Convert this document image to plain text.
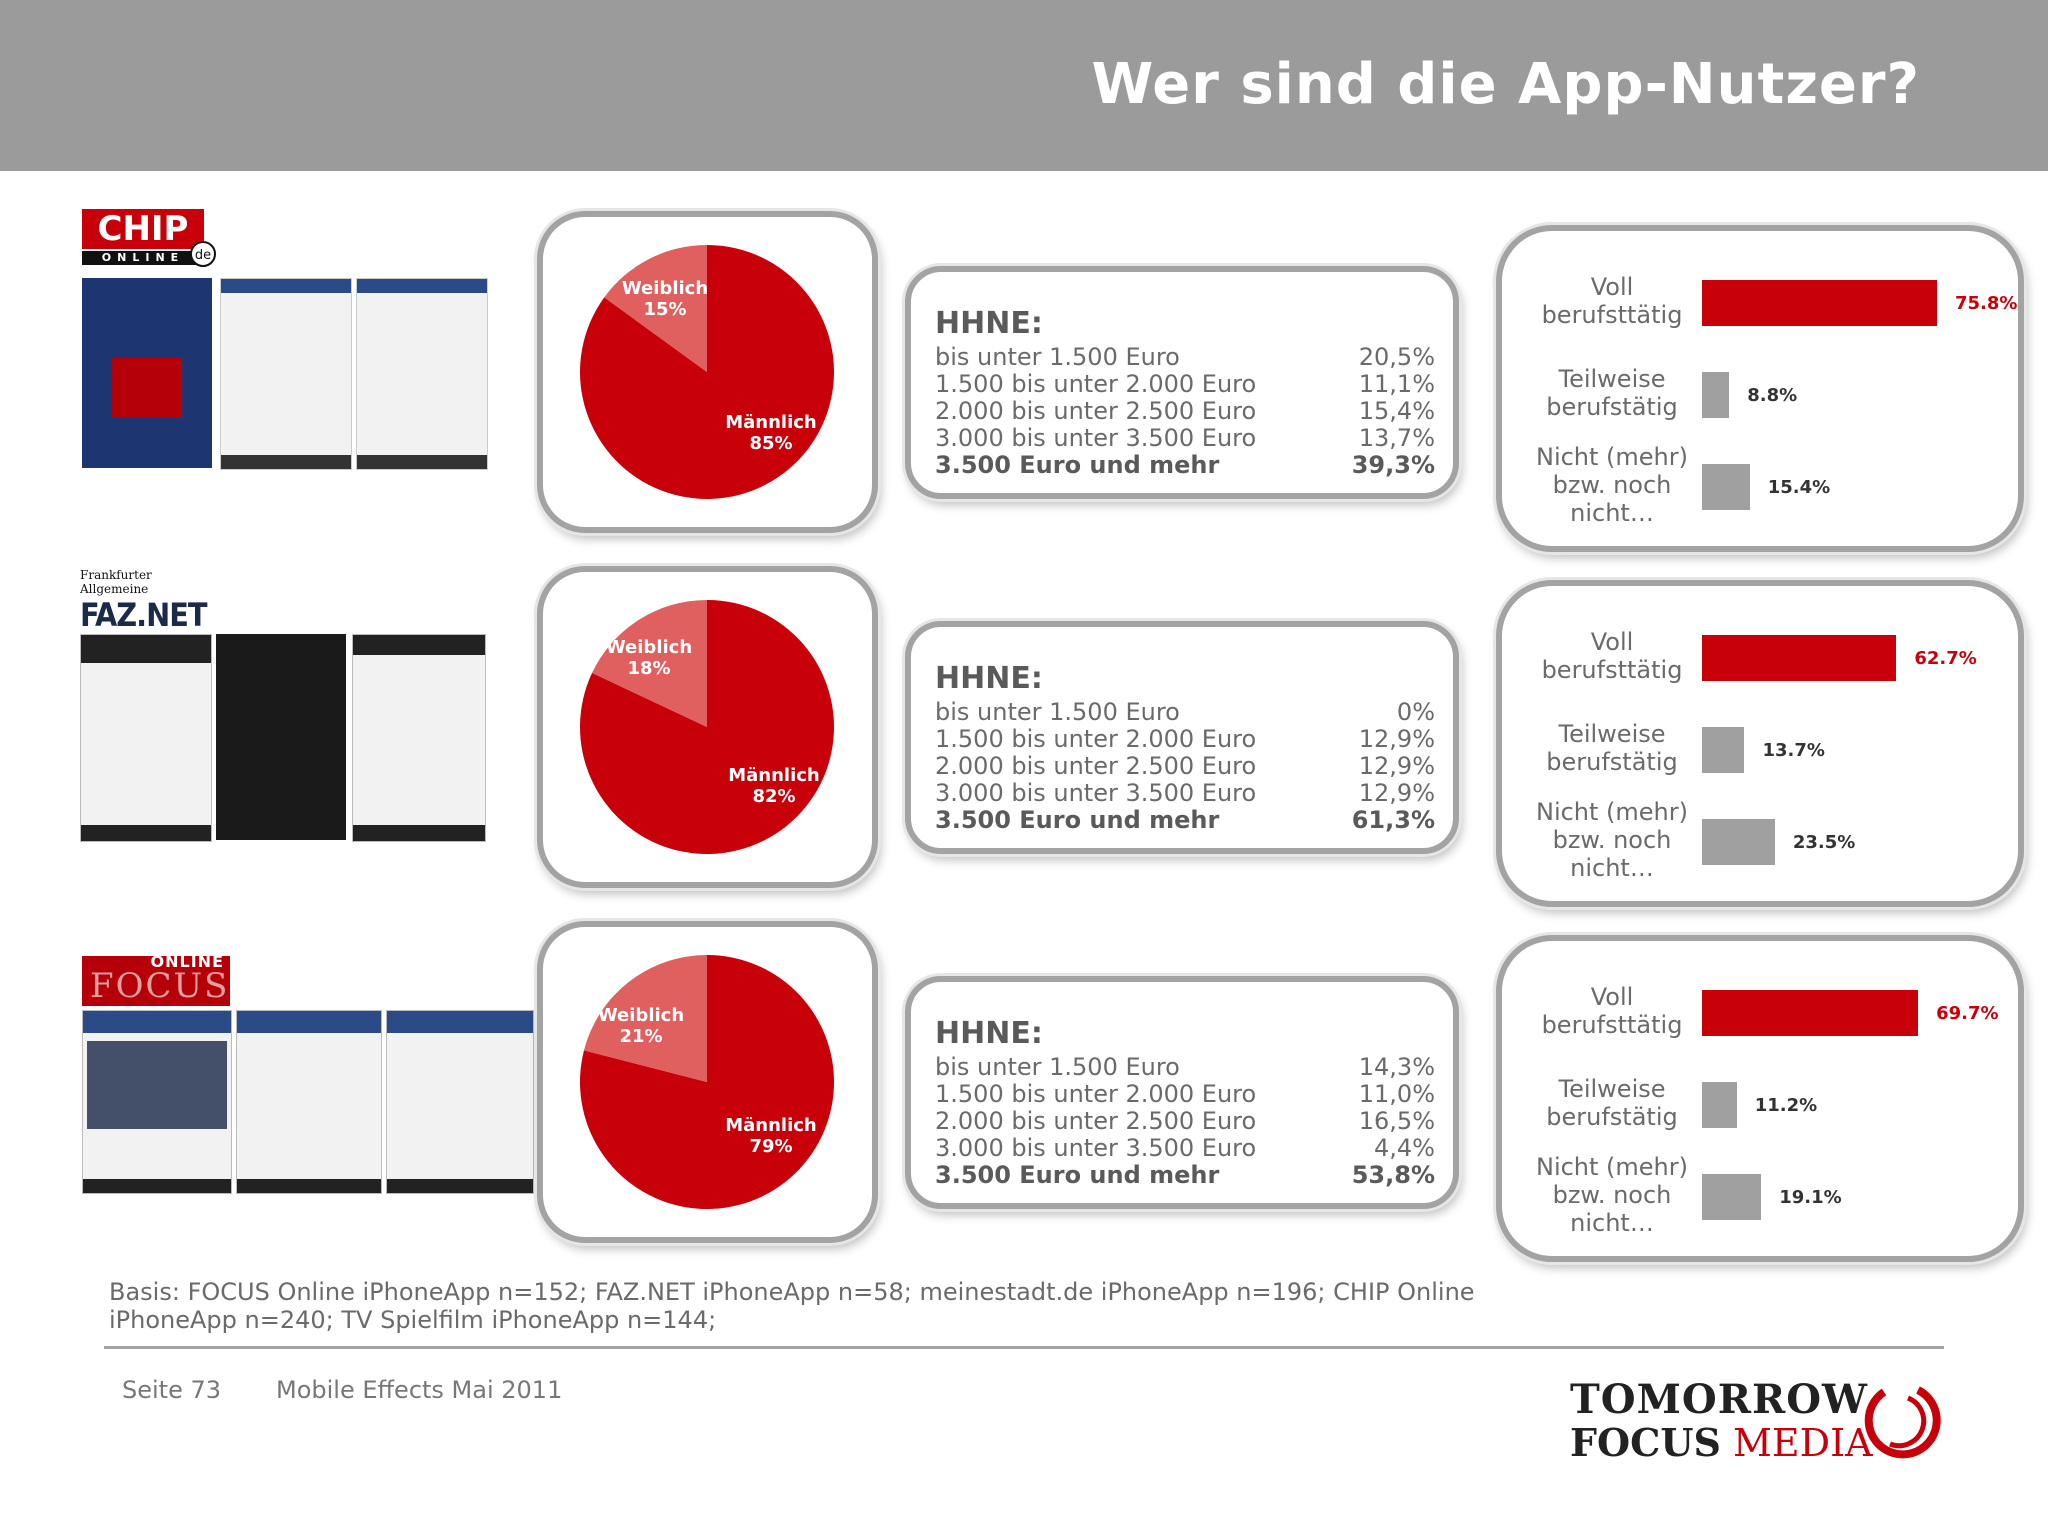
Wer sind die App-Nutzer?
CHIP
ONLINE de
Weiblich
15%
Männlich
85%
HHNE:
bis unter 1.500 Euro	20,5%
1.500 bis unter 2.000 Euro	11,1%
2.000 bis unter 2.500 Euro	15,4%
3.000 bis unter 3.500 Euro	13,7%
3.500 Euro und mehr	39,3%
Voll berufsttätig
Teilweise berufstätig
Nicht (mehr) bzw. noch nicht…
75.8%
8.8%
15.4%
Frankfurter Allgemeine
FAZ.NET
Weiblich
18%
Männlich
82%
HHNE:
bis unter 1.500 Euro	0%
1.500 bis unter 2.000 Euro	12,9%
2.000 bis unter 2.500 Euro	12,9%
3.000 bis unter 3.500 Euro	12,9%
3.500 Euro und mehr	61,3%
Voll berufsttätig
Teilweise berufstätig
Nicht (mehr) bzw. noch nicht…
62.7%
13.7%
23.5%
ONLINE
FOCUS
Weiblich
21%
Männlich
79%
HHNE:
bis unter 1.500 Euro	14,3%
1.500 bis unter 2.000 Euro	11,0%
2.000 bis unter 2.500 Euro	16,5%
3.000 bis unter 3.500 Euro	4,4%
3.500 Euro und mehr	53,8%
Voll berufsttätig
Teilweise berufstätig
Nicht (mehr) bzw. noch nicht…
69.7%
11.2%
19.1%
Basis: FOCUS Online iPhoneApp n=152; FAZ.NET iPhoneApp n=58; meinestadt.de iPhoneApp n=196; CHIP Online iPhoneApp n=240; TV Spielfilm iPhoneApp n=144;
Seite 73 Mobile Effects Mai 2011	TOMORROW
FOCUS MEDIA
